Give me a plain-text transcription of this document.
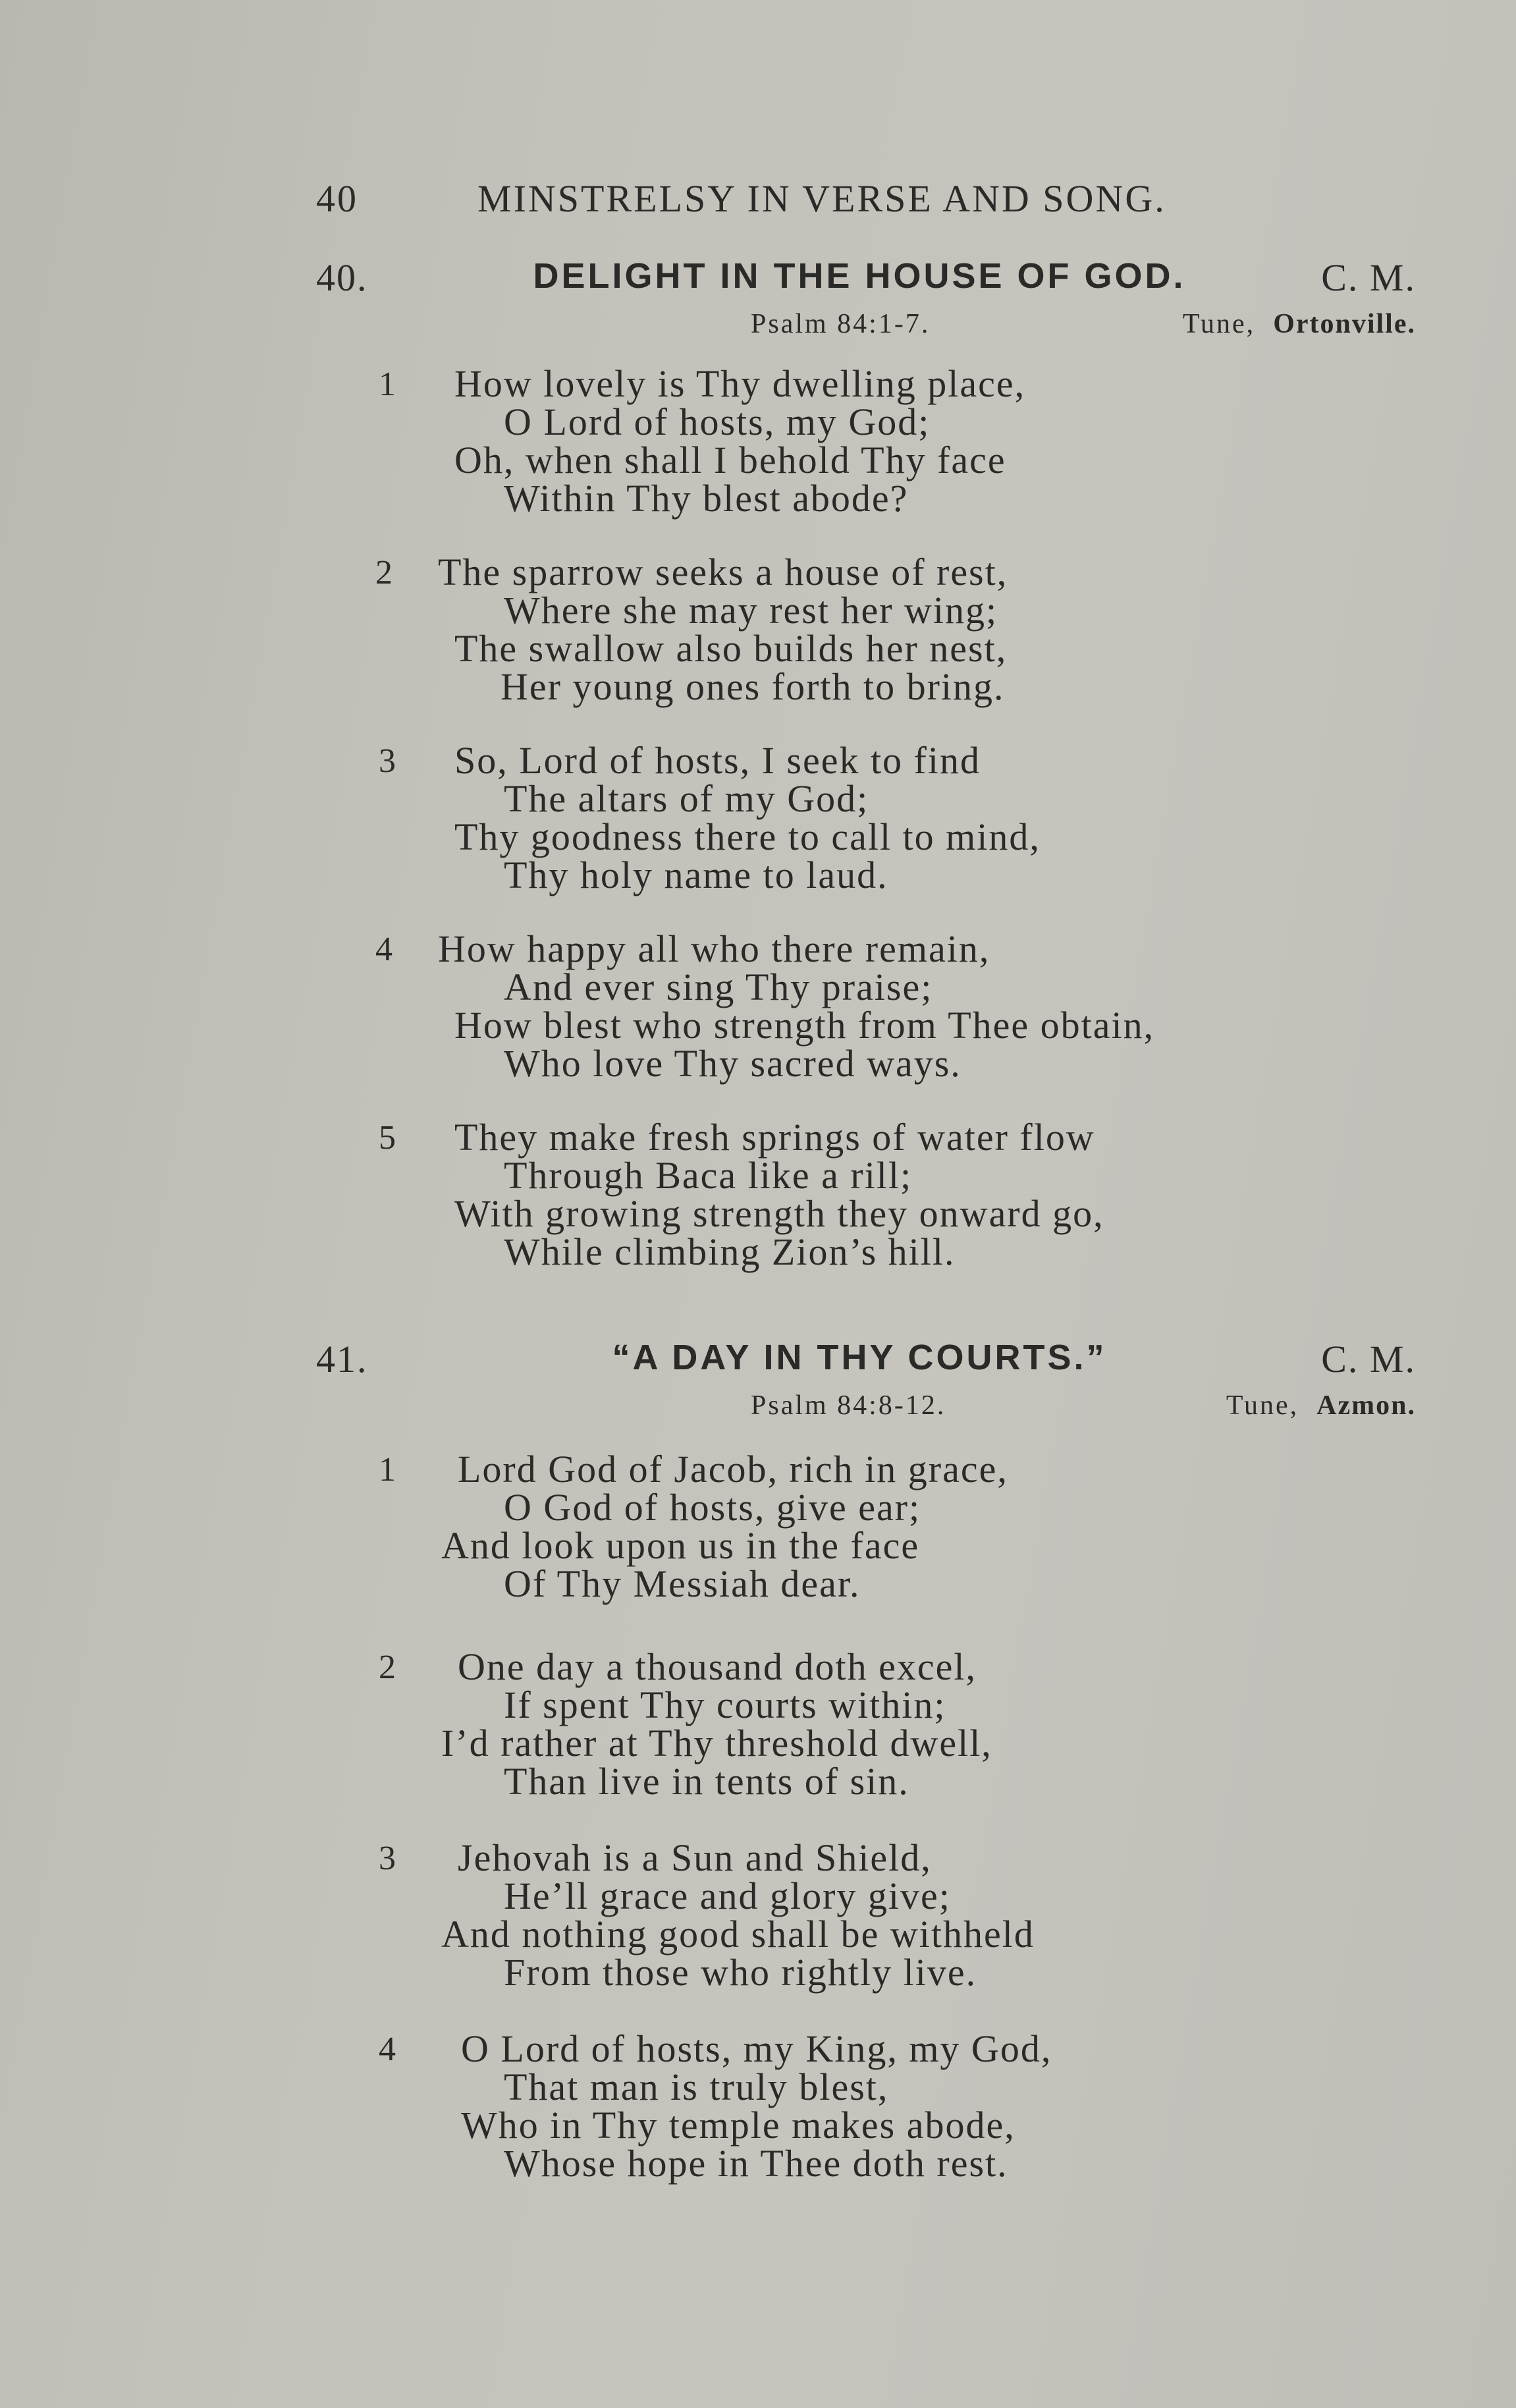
40	MINSTRELSY IN VERSE AND SONG.
40.	DELIGHT IN THE HOUSE OF GOD.	C. M.
Psalm 84:1-7.	Tune, Ortonville.
1	How lovely is Thy dwelling place,
O Lord of hosts, my God;
Oh, when shall I behold Thy face
Within Thy blest abode?
2	The sparrow seeks a house of rest,
Where she may rest her wing;
The swallow also builds her nest,
Her young ones forth to bring.
3	So, Lord of hosts, I seek to find
The altars of my God;
Thy goodness there to call to mind,
Thy holy name to laud.
4	How happy all who there remain,
And ever sing Thy praise;
How blest who strength from Thee obtain,
Who love Thy sacred ways.
5	They make fresh springs of water flow
Through Baca like a rill;
With growing strength they onward go,
While climbing Zion’s hill.
41.	“A DAY IN THY COURTS.”	C. M.
Psalm 84:8-12.	Tune, Azmon.
1	Lord God of Jacob, rich in grace,
O God of hosts, give ear;
And look upon us in the face
Of Thy Messiah dear.
2	One day a thousand doth excel,
If spent Thy courts within;
I’d rather at Thy threshold dwell,
Than live in tents of sin.
3	Jehovah is a Sun and Shield,
He’ll grace and glory give;
And nothing good shall be withheld
From those who rightly live.
4	O Lord of hosts, my King, my God,
That man is truly blest,
Who in Thy temple makes abode,
Whose hope in Thee doth rest.
